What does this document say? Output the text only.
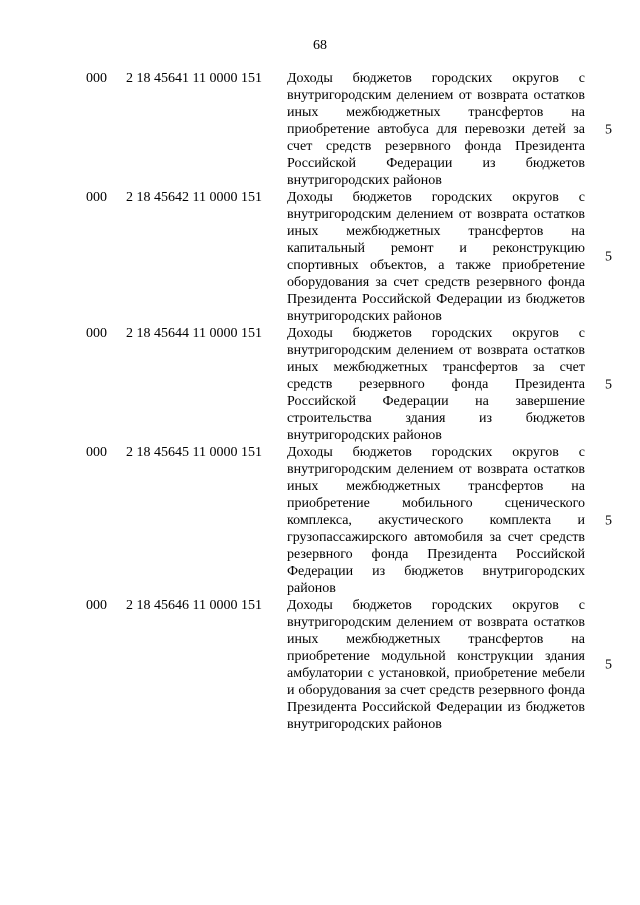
68
000 2 18 45641 11 0000 151 Доходы бюджетов городских округов с внутригородским делением от возврата остатков иных межбюджетных трансфертов на приобретение автобуса для перевозки детей за счет средств резервного фонда Президента Российской Федерации из бюджетов внутригородских районов
5
000 2 18 45642 11 0000 151 Доходы бюджетов городских округов с внутригородским делением от возврата остатков иных межбюджетных трансфертов на капитальный ремонт и реконструкцию спортивных объектов, а также приобретение оборудования за счет средств резервного фонда Президента Российской Федерации из бюджетов внутригородских районов
5
000 2 18 45644 11 0000 151 Доходы бюджетов городских округов с внутригородским делением от возврата остатков иных межбюджетных трансфертов за счет средств резервного фонда Президента Российской Федерации на завершение строительства здания из бюджетов внутригородских районов
5
000 2 18 45645 11 0000 151 Доходы бюджетов городских округов с внутригородским делением от возврата остатков иных межбюджетных трансфертов на приобретение мобильного сценического комплекса, акустического комплекта и грузопассажирского автомобиля за счет средств резервного фонда Президента Российской Федерации из бюджетов внутригородских районов
5
000 2 18 45646 11 0000 151 Доходы бюджетов городских округов с внутригородским делением от возврата остатков иных межбюджетных трансфертов на приобретение модульной конструкции здания амбулатории с установкой, приобретение мебели и оборудования за счет средств резервного фонда Президента Российской Федерации из бюджетов внутригородских районов
5
